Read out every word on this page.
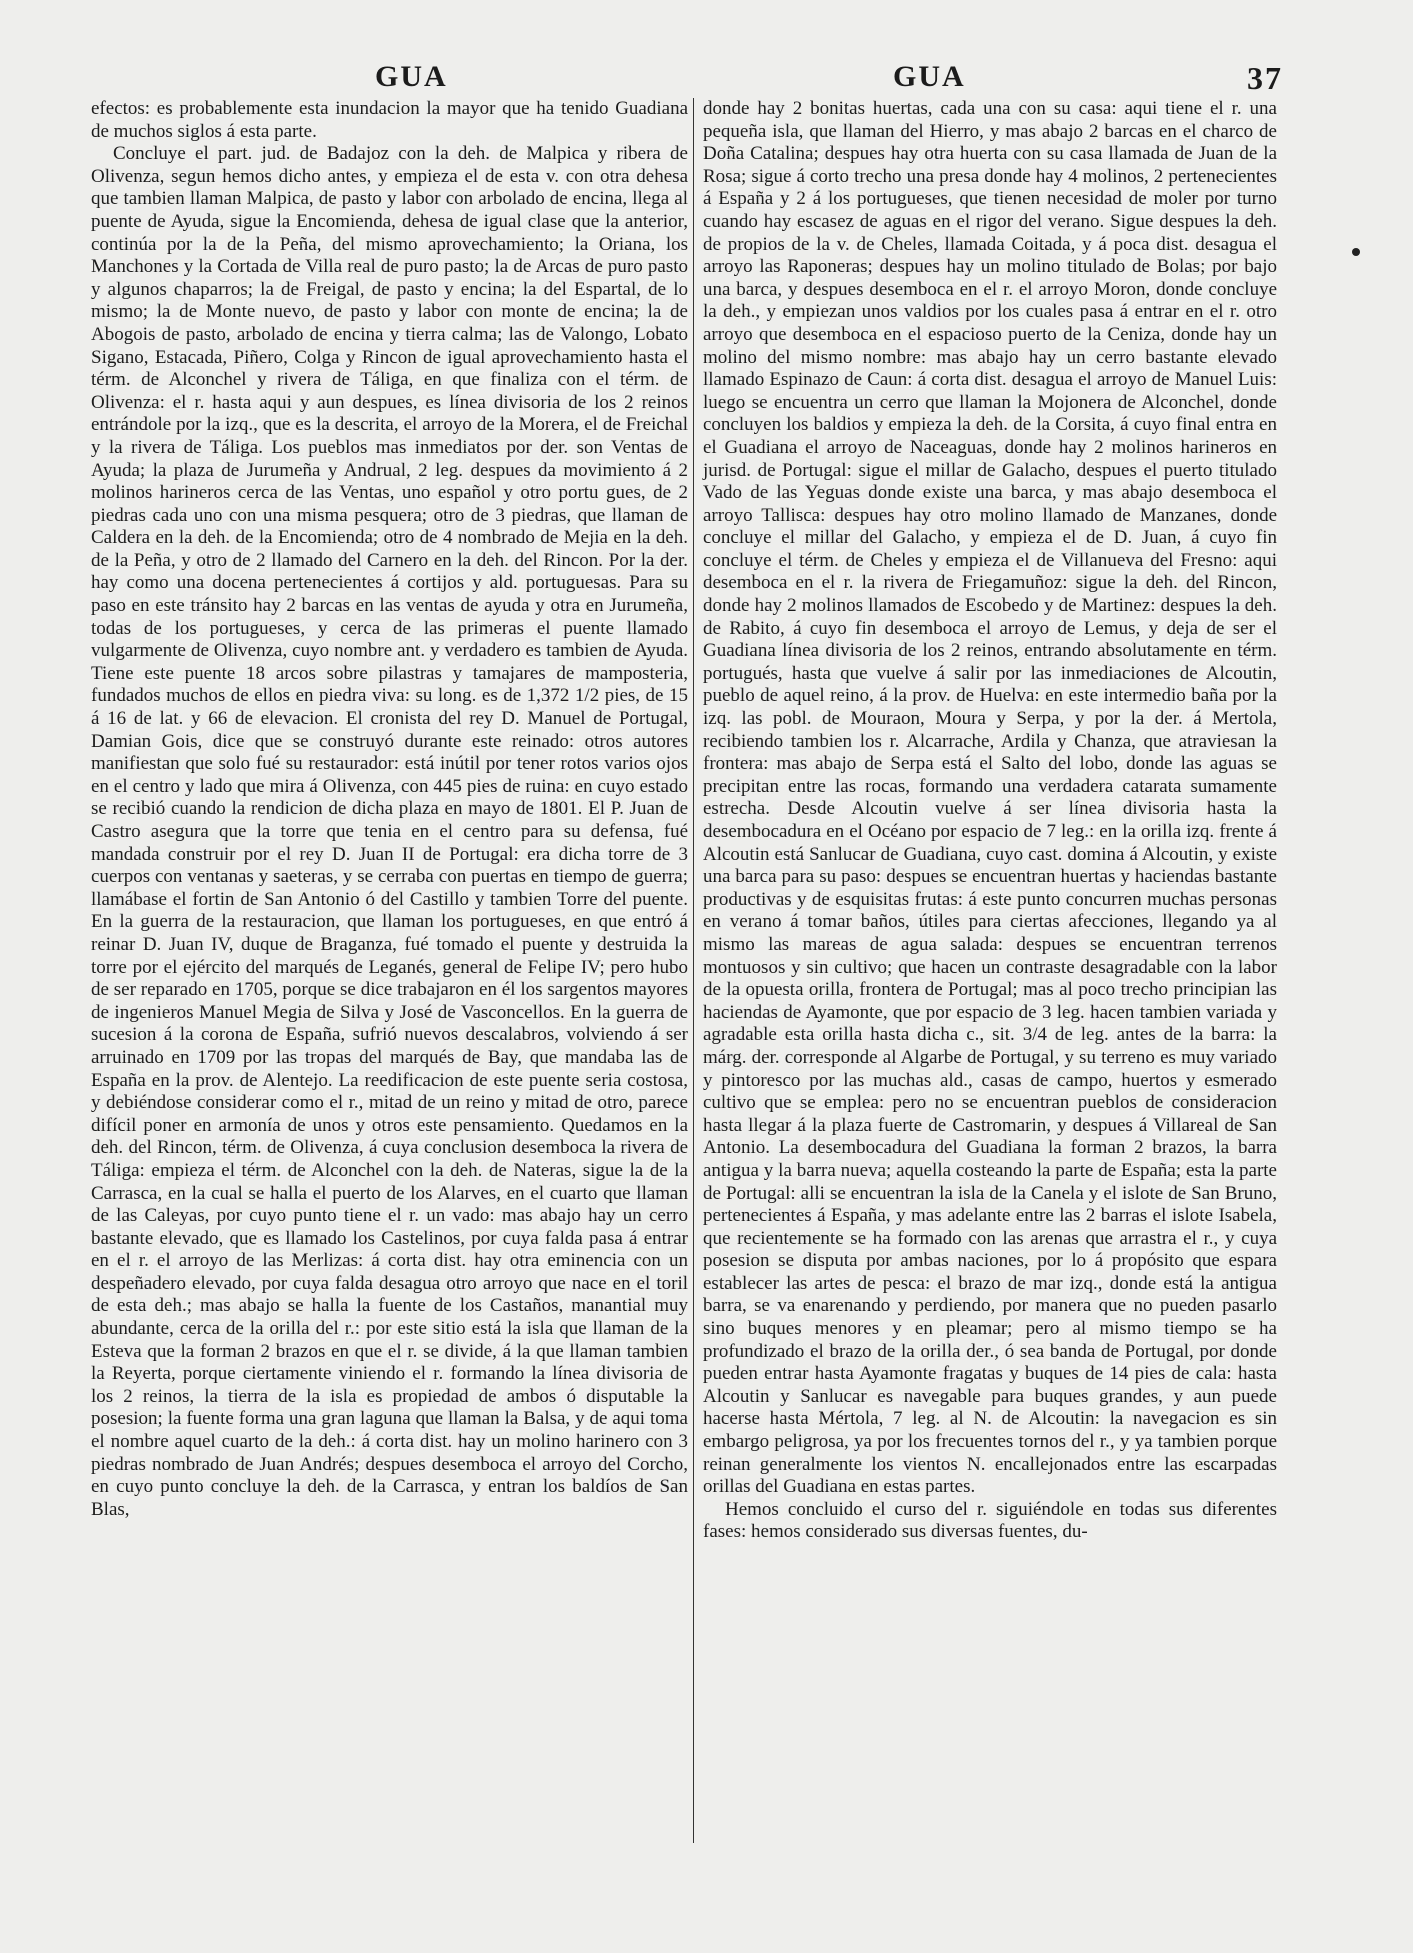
GUA	GUA	37

efectos: es probablemente esta inundacion la mayor que ha tenido Guadiana de muchos siglos á esta parte.

Concluye el part. jud. de Badajoz con la deh. de Malpica y ribera de Olivenza, segun hemos dicho antes, y empieza el de esta v. con otra dehesa que tambien llaman Malpica, de pasto y labor con arbolado de encina, llega al puente de Ayuda, sigue la Encomienda, dehesa de igual clase que la anterior, continúa por la de la Peña, del mismo aprovechamiento; la Oriana, los Manchones y la Cortada de Villa real de puro pasto; la de Arcas de puro pasto y algunos chaparros; la de Freigal, de pasto y encina; la del Espartal, de lo mismo; la de Monte nuevo, de pasto y labor con monte de encina; la de Abogois de pasto, arbolado de encina y tierra calma; las de Valongo, Lobato Sigano, Estacada, Piñero, Colga y Rincon de igual aprovechamiento hasta el térm. de Alconchel y rivera de Táliga, en que finaliza con el térm. de Olivenza: el r. hasta aqui y aun despues, es línea divisoria de los 2 reinos entrándole por la izq., que es la descrita, el arroyo de la Morera, el de Freichal y la rivera de Táliga. Los pueblos mas inmediatos por der. son Ventas de Ayuda; la plaza de Jurumeña y Andrual, 2 leg. despues da movimiento á 2 molinos harineros cerca de las Ventas, uno español y otro portu gues, de 2 piedras cada uno con una misma pesquera; otro de 3 piedras, que llaman de Caldera en la deh. de la Encomienda; otro de 4 nombrado de Mejia en la deh. de la Peña, y otro de 2 llamado del Carnero en la deh. del Rincon. Por la der. hay como una docena pertenecientes á cortijos y ald. portuguesas. Para su paso en este tránsito hay 2 barcas en las ventas de ayuda y otra en Jurumeña, todas de los portugueses, y cerca de las primeras el puente llamado vulgarmente de Olivenza, cuyo nombre ant. y verdadero es tambien de Ayuda. Tiene este puente 18 arcos sobre pilastras y tamajares de mamposteria, fundados muchos de ellos en piedra viva: su long. es de 1,372 1/2 pies, de 15 á 16 de lat. y 66 de elevacion. El cronista del rey D. Manuel de Portugal, Damian Gois, dice que se construyó durante este reinado: otros autores manifiestan que solo fué su restaurador: está inútil por tener rotos varios ojos en el centro y lado que mira á Olivenza, con 445 pies de ruina: en cuyo estado se recibió cuando la rendicion de dicha plaza en mayo de 1801. El P. Juan de Castro asegura que la torre que tenia en el centro para su defensa, fué mandada construir por el rey D. Juan II de Portugal: era dicha torre de 3 cuerpos con ventanas y saeteras, y se cerraba con puertas en tiempo de guerra; llamábase el fortin de San Antonio ó del Castillo y tambien Torre del puente. En la guerra de la restauracion, que llaman los portugueses, en que entró á reinar D. Juan IV, duque de Braganza, fué tomado el puente y destruida la torre por el ejército del marqués de Leganés, general de Felipe IV; pero hubo de ser reparado en 1705, porque se dice trabajaron en él los sargentos mayores de ingenieros Manuel Megia de Silva y José de Vasconcellos. En la guerra de sucesion á la corona de España, sufrió nuevos descalabros, volviendo á ser arruinado en 1709 por las tropas del marqués de Bay, que mandaba las de España en la prov. de Alentejo. La reedificacion de este puente seria costosa, y debiéndose considerar como el r., mitad de un reino y mitad de otro, parece difícil poner en armonía de unos y otros este pensamiento. Quedamos en la deh. del Rincon, térm. de Olivenza, á cuya conclusion desemboca la rivera de Táliga: empieza el térm. de Alconchel con la deh. de Nateras, sigue la de la Carrasca, en la cual se halla el puerto de los Alarves, en el cuarto que llaman de las Caleyas, por cuyo punto tiene el r. un vado: mas abajo hay un cerro bastante elevado, que es llamado los Castelinos, por cuya falda pasa á entrar en el r. el arroyo de las Merlizas: á corta dist. hay otra eminencia con un despeñadero elevado, por cuya falda desagua otro arroyo que nace en el toril de esta deh.; mas abajo se halla la fuente de los Castaños, manantial muy abundante, cerca de la orilla del r.: por este sitio está la isla que llaman de la Esteva que la forman 2 brazos en que el r. se divide, á la que llaman tambien la Reyerta, porque ciertamente viniendo el r. formando la línea divisoria de los 2 reinos, la tierra de la isla es propiedad de ambos ó disputable la posesion; la fuente forma una gran laguna que llaman la Balsa, y de aqui toma el nombre aquel cuarto de la deh.: á corta dist. hay un molino harinero con 3 piedras nombrado de Juan Andrés; despues desemboca el arroyo del Corcho, en cuyo punto concluye la deh. de la Carrasca, y entran los baldíos de San Blas,

donde hay 2 bonitas huertas, cada una con su casa: aqui tiene el r. una pequeña isla, que llaman del Hierro, y mas abajo 2 barcas en el charco de Doña Catalina; despues hay otra huerta con su casa llamada de Juan de la Rosa; sigue á corto trecho una presa donde hay 4 molinos, 2 pertenecientes á España y 2 á los portugueses, que tienen necesidad de moler por turno cuando hay escasez de aguas en el rigor del verano. Sigue despues la deh. de propios de la v. de Cheles, llamada Coitada, y á poca dist. desagua el arroyo las Raponeras; despues hay un molino titulado de Bolas; por bajo una barca, y despues desemboca en el r. el arroyo Moron, donde concluye la deh., y empiezan unos valdios por los cuales pasa á entrar en el r. otro arroyo que desemboca en el espacioso puerto de la Ceniza, donde hay un molino del mismo nombre: mas abajo hay un cerro bastante elevado llamado Espinazo de Caun: á corta dist. desagua el arroyo de Manuel Luis: luego se encuentra un cerro que llaman la Mojonera de Alconchel, donde concluyen los baldios y empieza la deh. de la Corsita, á cuyo final entra en el Guadiana el arroyo de Naceaguas, donde hay 2 molinos harineros en jurisd. de Portugal: sigue el millar de Galacho, despues el puerto titulado Vado de las Yeguas donde existe una barca, y mas abajo desemboca el arroyo Tallisca: despues hay otro molino llamado de Manzanes, donde concluye el millar del Galacho, y empieza el de D. Juan, á cuyo fin concluye el térm. de Cheles y empieza el de Villanueva del Fresno: aqui desemboca en el r. la rivera de Friegamuñoz: sigue la deh. del Rincon, donde hay 2 molinos llamados de Escobedo y de Martinez: despues la deh. de Rabito, á cuyo fin desemboca el arroyo de Lemus, y deja de ser el Guadiana línea divisoria de los 2 reinos, entrando absolutamente en térm. portugués, hasta que vuelve á salir por las inmediaciones de Alcoutin, pueblo de aquel reino, á la prov. de Huelva: en este intermedio baña por la izq. las pobl. de Mouraon, Moura y Serpa, y por la der. á Mertola, recibiendo tambien los r. Alcarrache, Ardila y Chanza, que atraviesan la frontera: mas abajo de Serpa está el Salto del lobo, donde las aguas se precipitan entre las rocas, formando una verdadera catarata sumamente estrecha. Desde Alcoutin vuelve á ser línea divisoria hasta la desembocadura en el Océano por espacio de 7 leg.: en la orilla izq. frente á Alcoutin está Sanlucar de Guadiana, cuyo cast. domina á Alcoutin, y existe una barca para su paso: despues se encuentran huertas y haciendas bastante productivas y de esquisitas frutas: á este punto concurren muchas personas en verano á tomar baños, útiles para ciertas afecciones, llegando ya al mismo las mareas de agua salada: despues se encuentran terrenos montuosos y sin cultivo; que hacen un contraste desagradable con la labor de la opuesta orilla, frontera de Portugal; mas al poco trecho principian las haciendas de Ayamonte, que por espacio de 3 leg. hacen tambien variada y agradable esta orilla hasta dicha c., sit. 3/4 de leg. antes de la barra: la márg. der. corresponde al Algarbe de Portugal, y su terreno es muy variado y pintoresco por las muchas ald., casas de campo, huertos y esmerado cultivo que se emplea: pero no se encuentran pueblos de consideracion hasta llegar á la plaza fuerte de Castromarin, y despues á Villareal de San Antonio. La desembocadura del Guadiana la forman 2 brazos, la barra antigua y la barra nueva; aquella costeando la parte de España; esta la parte de Portugal: alli se encuentran la isla de la Canela y el islote de San Bruno, pertenecientes á España, y mas adelante entre las 2 barras el islote Isabela, que recientemente se ha formado con las arenas que arrastra el r., y cuya posesion se disputa por ambas naciones, por lo á propósito que espara establecer las artes de pesca: el brazo de mar izq., donde está la antigua barra, se va enarenando y perdiendo, por manera que no pueden pasarlo sino buques menores y en pleamar; pero al mismo tiempo se ha profundizado el brazo de la orilla der., ó sea banda de Portugal, por donde pueden entrar hasta Ayamonte fragatas y buques de 14 pies de cala: hasta Alcoutin y Sanlucar es navegable para buques grandes, y aun puede hacerse hasta Mértola, 7 leg. al N. de Alcoutin: la navegacion es sin embargo peligrosa, ya por los frecuentes tornos del r., y ya tambien porque reinan generalmente los vientos N. encallejonados entre las escarpadas orillas del Guadiana en estas partes.

Hemos concluido el curso del r. siguiéndole en todas sus diferentes fases: hemos considerado sus diversas fuentes, du-
